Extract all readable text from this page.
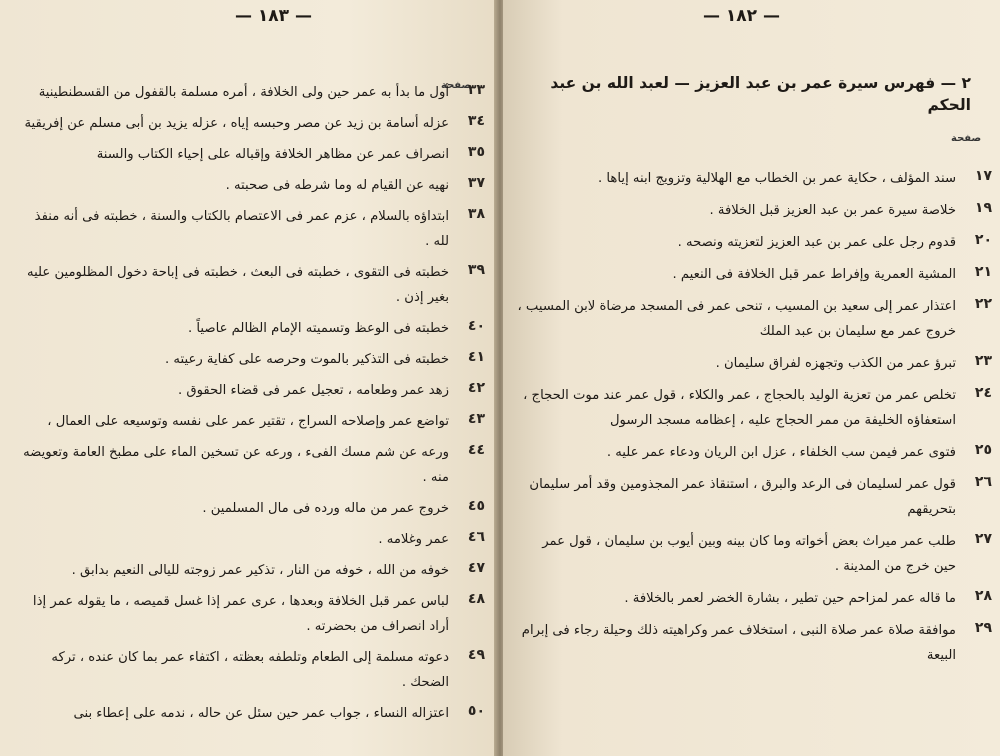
— ١٨٣ —
صفحة
٣٣
أول ما بدأ به عمر حين ولى الخلافة ، أمره مسلمة بالقفول من القسطنطينية
٣٤
عزله أسامة بن زيد عن مصر وحبسه إياه ، عزله يزيد بن أبى مسلم عن إفريقية
٣٥
انصراف عمر عن مظاهر الخلافة وإقباله على إحياء الكتاب والسنة
٣٧
نهيه عن القيام له وما شرطه فى صحبته .
٣٨
ابتداؤه بالسلام ، عزم عمر فى الاعتصام بالكتاب والسنة ، خطبته فى أنه منفذ لله .
٣٩
خطبته فى التقوى ، خطبته فى البعث ، خطبته فى إباحة دخول المظلومين عليه بغير إذن .
٤٠
خطبته فى الوعظ وتسميته الإمام الظالم عاصياً .
٤١
خطبته فى التذكير بالموت وحرصه على كفاية رعيته .
٤٢
زهد عمر وطعامه ، تعجيل عمر فى قضاء الحقوق .
٤٣
تواضع عمر وإصلاحه السراج ، تقتير عمر على نفسه وتوسيعه على العمال ،
٤٤
ورعه عن شم مسك الفىء ، ورعه عن تسخين الماء على مطبخ العامة وتعويضه منه .
٤٥
خروج عمر من ماله ورده فى مال المسلمين .
٤٦
عمر وغلامه .
٤٧
خوفه من الله ، خوفه من النار ، تذكير عمر زوجته لليالى النعيم بدابق .
٤٨
لباس عمر قبل الخلافة وبعدها ، عرى عمر إذا غسل قميصه ، ما يقوله عمر إذا أراد انصراف من بحضرته .
٤٩
دعوته مسلمة إلى الطعام وتلطفه بعظته ، اكتفاء عمر بما كان عنده ، تركه الضحك .
٥٠
اعتزاله النساء ، جواب عمر حين سئل عن حاله ، ندمه على إعطاء بنى
— ١٨٢ —
٢ — فهرس سيرة عمر بن عبد العزيز — لعبد الله بن عبد الحكم
صفحة
١٧
سند المؤلف ، حكاية عمر بن الخطاب مع الهلالية وتزويج ابنه إياها .
١٩
خلاصة سيرة عمر بن عبد العزيز قبل الخلافة .
٢٠
قدوم رجل على عمر بن عبد العزيز لتعزيته ونصحه .
٢١
المشية العمرية وإفراط عمر قبل الخلافة فى النعيم .
٢٢
اعتذار عمر إلى سعيد بن المسيب ، تنحى عمر فى المسجد مرضاة لابن المسيب ، خروج عمر مع سليمان بن عبد الملك
٢٣
تبرؤ عمر من الكذب وتجهزه لفراق سليمان .
٢٤
تخلص عمر من تعزية الوليد بالحجاج ، عمر والكلاء ، قول عمر عند موت الحجاج ، استعفاؤه الخليفة من ممر الحجاج عليه ، إعظامه مسجد الرسول
٢٥
فتوى عمر فيمن سب الخلفاء ، عزل ابن الريان ودعاء عمر عليه .
٢٦
قول عمر لسليمان فى الرعد والبرق ، استنقاذ عمر المجذومين وقد أمر سليمان بتحريقهم
٢٧
طلب عمر ميراث بعض أخواته وما كان بينه وبين أيوب بن سليمان ، قول عمر حين خرج من المدينة .
٢٨
ما قاله عمر لمزاحم حين تطير ، بشارة الخضر لعمر بالخلافة .
٢٩
موافقة صلاة عمر صلاة النبى ، استخلاف عمر وكراهيته ذلك وحيلة رجاء فى إبرام البيعة
